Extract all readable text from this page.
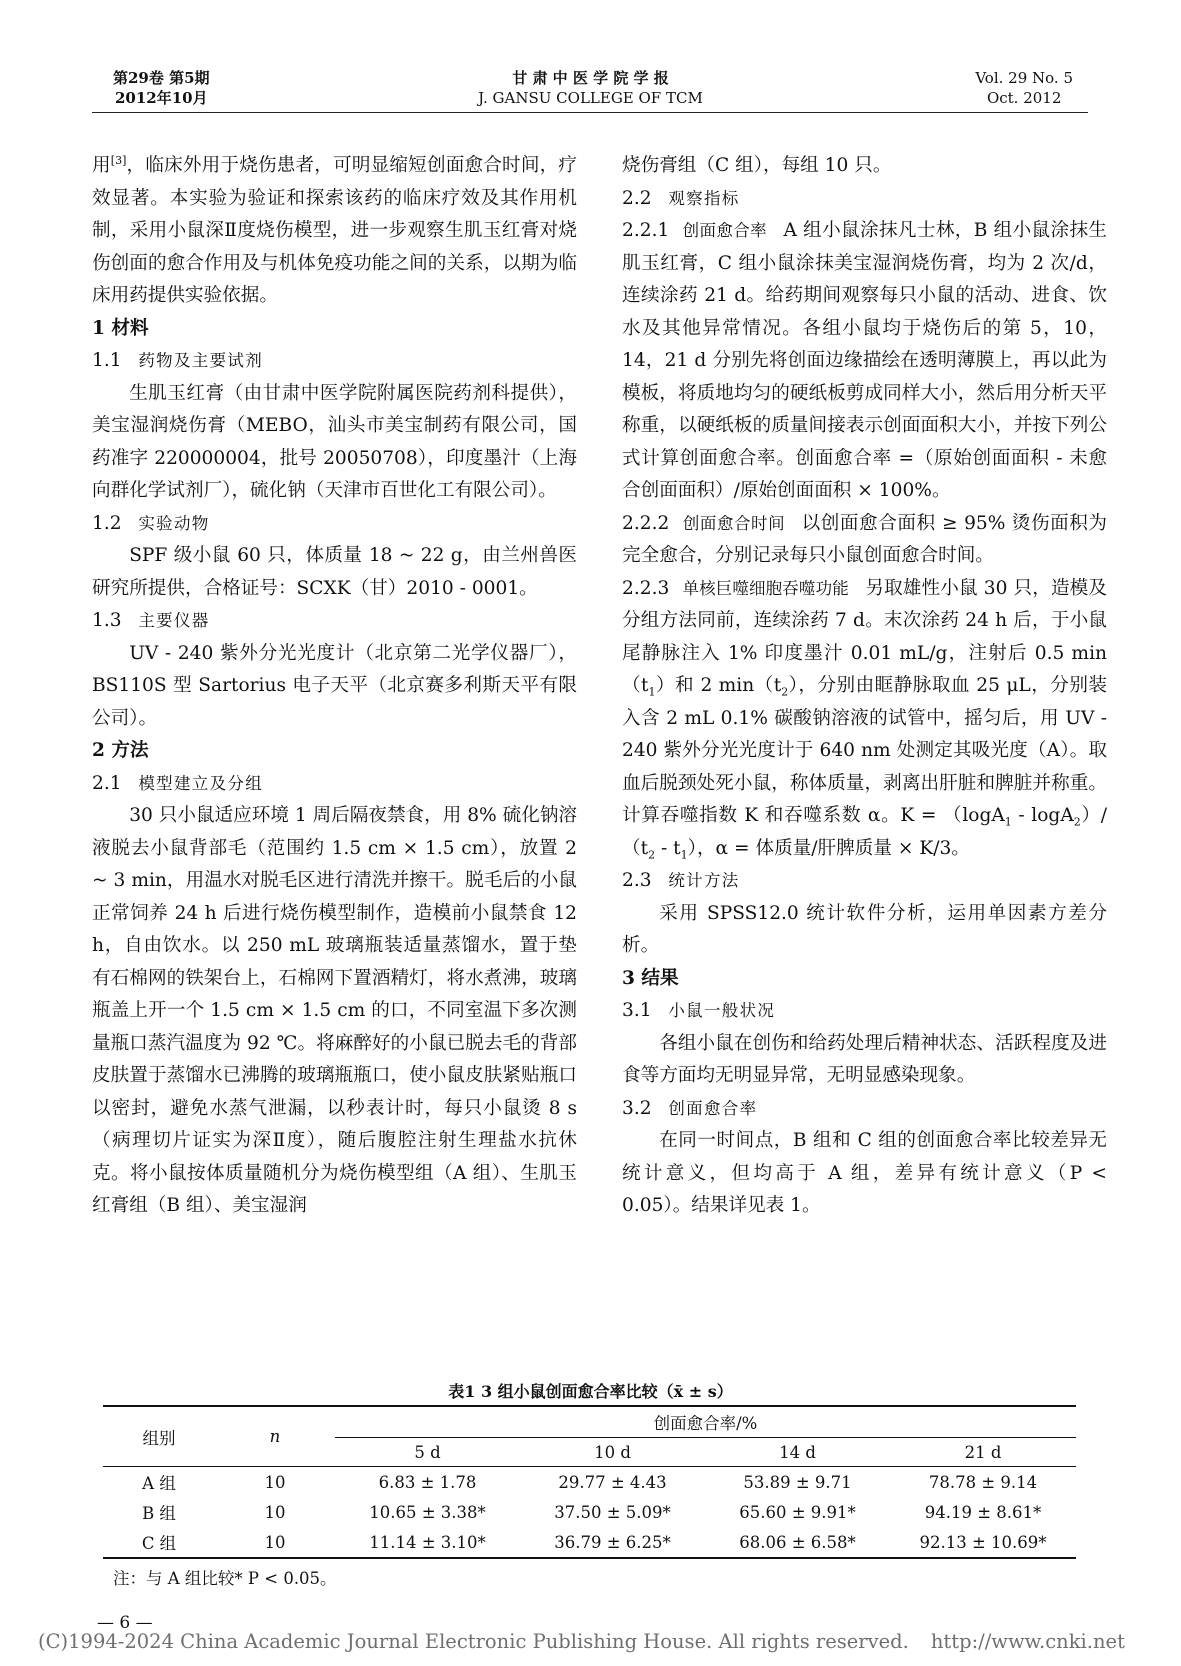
第29卷 第5期
2012年10月
甘 肃 中 医 学 院 学 报
J. GANSU COLLEGE OF TCM
Vol. 29 No. 5
Oct. 2012

用[3]，临床外用于烧伤患者，可明显缩短创面愈合时间，疗效显著。本实验为验证和探索该药的临床疗效及其作用机制，采用小鼠深Ⅱ度烧伤模型，进一步观察生肌玉红膏对烧伤创面的愈合作用及与机体免疫功能之间的关系，以期为临床用药提供实验依据。

1 材料

1.1 药物及主要试剂

生肌玉红膏（由甘肃中医学院附属医院药剂科提供），美宝湿润烧伤膏（MEBO，汕头市美宝制药有限公司，国药准字 220000004，批号 20050708），印度墨汁（上海向群化学试剂厂），硫化钠（天津市百世化工有限公司）。

1.2 实验动物

SPF 级小鼠 60 只，体质量 18 ~ 22 g，由兰州兽医研究所提供，合格证号：SCXK（甘）2010 - 0001。

1.3 主要仪器

UV - 240 紫外分光光度计（北京第二光学仪器厂），BS110S 型 Sartorius 电子天平（北京赛多利斯天平有限公司）。

2 方法

2.1 模型建立及分组

30 只小鼠适应环境 1 周后隔夜禁食，用 8% 硫化钠溶液脱去小鼠背部毛（范围约 1.5 cm × 1.5 cm），放置 2 ~ 3 min，用温水对脱毛区进行清洗并擦干。脱毛后的小鼠正常饲养 24 h 后进行烧伤模型制作，造模前小鼠禁食 12 h，自由饮水。以 250 mL 玻璃瓶装适量蒸馏水，置于垫有石棉网的铁架台上，石棉网下置酒精灯，将水煮沸，玻璃瓶盖上开一个 1.5 cm × 1.5 cm 的口，不同室温下多次测量瓶口蒸汽温度为 92 ℃。将麻醉好的小鼠已脱去毛的背部皮肤置于蒸馏水已沸腾的玻璃瓶瓶口，使小鼠皮肤紧贴瓶口以密封，避免水蒸气泄漏，以秒表计时，每只小鼠烫 8 s（病理切片证实为深Ⅱ度），随后腹腔注射生理盐水抗休克。将小鼠按体质量随机分为烧伤模型组（A 组）、生肌玉红膏组（B 组）、美宝湿润

烧伤膏组（C 组），每组 10 只。

2.2 观察指标

2.2.1 创面愈合率 A 组小鼠涂抹凡士林，B 组小鼠涂抹生肌玉红膏，C 组小鼠涂抹美宝湿润烧伤膏，均为 2 次/d，连续涂药 21 d。给药期间观察每只小鼠的活动、进食、饮水及其他异常情况。各组小鼠均于烧伤后的第 5，10，14，21 d 分别先将创面边缘描绘在透明薄膜上，再以此为模板，将质地均匀的硬纸板剪成同样大小，然后用分析天平称重，以硬纸板的质量间接表示创面面积大小，并按下列公式计算创面愈合率。创面愈合率 =（原始创面面积 - 未愈合创面面积）/原始创面面积 × 100%。

2.2.2 创面愈合时间 以创面愈合面积 ≥ 95% 烫伤面积为完全愈合，分别记录每只小鼠创面愈合时间。

2.2.3 单核巨噬细胞吞噬功能 另取雄性小鼠 30 只，造模及分组方法同前，连续涂药 7 d。末次涂药 24 h 后，于小鼠尾静脉注入 1% 印度墨汁 0.01 mL/g，注射后 0.5 $\min(t_1)$和 2 $\min(t_2)$，分别由眶静脉取血 25 μL，分别装入含 2 mL 0.1% 碳酸钠溶液的试管中，摇匀后，用 UV - 240 紫外分光光度计于 640 nm 处测定其吸光度（A）。取血后脱颈处死小鼠，称体质量，剥离出肝脏和脾脏并称重。计算吞噬指数 K 和吞噬系数 α。$K = (\log A_1 - \log A_2)/(t_2 - t_1)$，α = 体质量/肝脾质量 × K/3。

2.3 统计方法

采用 SPSS12.0 统计软件分析，运用单因素方差分析。

3 结果

3.1 小鼠一般状况

各组小鼠在创伤和给药处理后精神状态、活跃程度及进食等方面均无明显异常，无明显感染现象。

3.2 创面愈合率

在同一时间点，B 组和 C 组的创面愈合率比较差异无统计意义，但均高于 A 组，差异有统计意义（P < 0.05）。结果详见表 1。

表1 3 组小鼠创面愈合率比较（x̄ ± s）
组别	n	创面愈合率/%			
		5 d	10 d	14 d	21 d
A 组	10	6.83 ± 1.78	29.77 ± 4.43	53.89 ± 9.71	78.78 ± 9.14
B 组	10	10.65 ± 3.38*	37.50 ± 5.09*	65.60 ± 9.91*	94.19 ± 8.61*
C 组	10	11.14 ± 3.10*	36.79 ± 6.25*	68.06 ± 6.58*	92.13 ± 10.69*
注：与 A 组比较* P < 0.05。
— 6 —
(C)1994-2024 China Academic Journal Electronic Publishing House. All rights reserved. http://www.cnki.net
